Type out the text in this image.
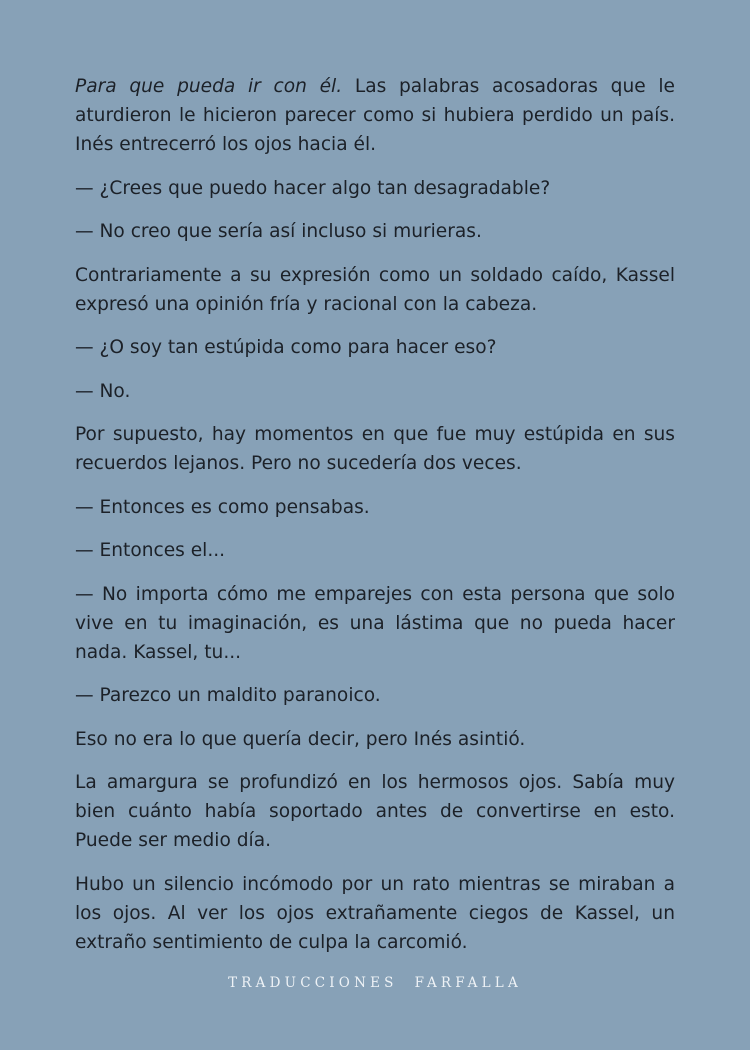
Para que pueda ir con él. Las palabras acosadoras que le aturdieron le hicieron parecer como si hubiera perdido un país. Inés entrecerró los ojos hacia él.

— ¿Crees que puedo hacer algo tan desagradable?

— No creo que sería así incluso si murieras.

Contrariamente a su expresión como un soldado caído, Kassel expresó una opinión fría y racional con la cabeza.

— ¿O soy tan estúpida como para hacer eso?

— No.

Por supuesto, hay momentos en que fue muy estúpida en sus recuerdos lejanos. Pero no sucedería dos veces.

— Entonces es como pensabas.

— Entonces el...

— No importa cómo me emparejes con esta persona que solo vive en tu imaginación, es una lástima que no pueda hacer nada. Kassel, tu...

— Parezco un maldito paranoico.

Eso no era lo que quería decir, pero Inés asintió.

La amargura se profundizó en los hermosos ojos. Sabía muy bien cuánto había soportado antes de convertirse en esto. Puede ser medio día.

Hubo un silencio incómodo por un rato mientras se miraban a los ojos. Al ver los ojos extrañamente ciegos de Kassel, un extraño sentimiento de culpa la carcomió.

TRADUCCIONES  FARFALLA
